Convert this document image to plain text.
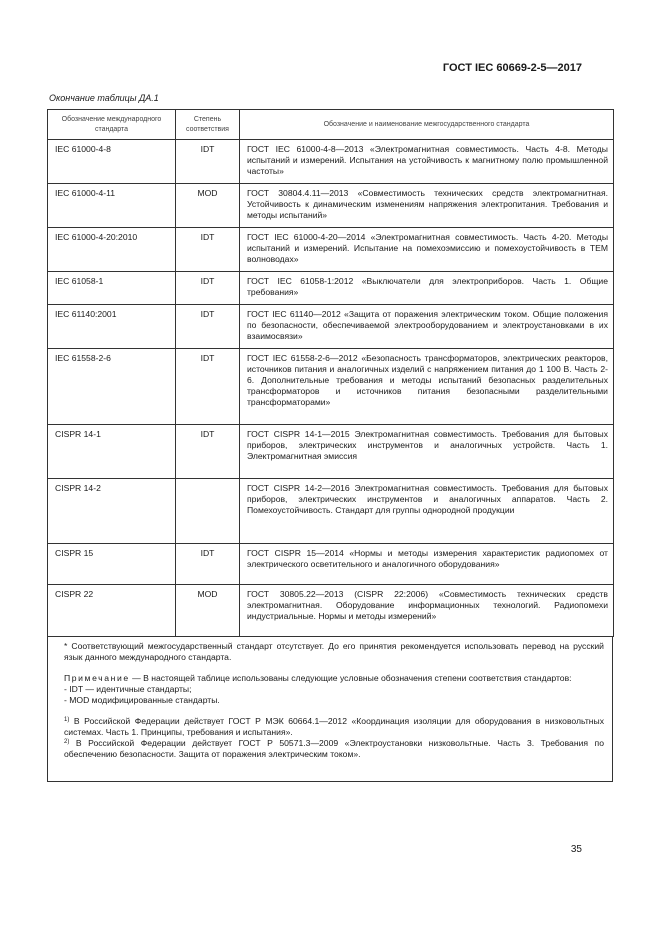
ГОСТ IEC 60669-2-5—2017
Окончание таблицы ДА.1
Обозначение международного стандарта	Степень соответствия	Обозначение и наименование межгосударственного стандарта
IEC 61000-4-8	IDT	ГОСТ IEC 61000-4-8—2013 «Электромагнитная совместимость. Часть 4-8. Методы испытаний и измерений. Испытания на устойчивость к магнитному полю промышленной частоты»
IEC 61000-4-11	MOD	ГОСТ 30804.4.11—2013 «Совместимость технических средств электромагнитная. Устойчивость к динамическим изменениям напряжения электропитания. Требования и методы испытаний»
IEC 61000-4-20:2010	IDT	ГОСТ IEC 61000-4-20—2014 «Электромагнитная совместимость. Часть 4-20. Методы испытаний и измерений. Испытание на помехоэмиссию и помехоустойчивость в ТЕМ волноводах»
IEC 61058-1	IDT	ГОСТ IEC 61058-1:2012 «Выключатели для электроприборов. Часть 1. Общие требования»
IEC 61140:2001	IDT	ГОСТ IEC 61140—2012 «Защита от поражения электрическим током. Общие положения по безопасности, обеспечиваемой электрооборудованием и электроустановками в их взаимосвязи»
IEC 61558-2-6	IDT	ГОСТ IEC 61558-2-6—2012 «Безопасность трансформаторов, электрических реакторов, источников питания и аналогичных изделий с напряжением питания до 1 100 В. Часть 2-6. Дополнительные требования и методы испытаний безопасных разделительных трансформаторов и источников питания безопасными разделительными трансформаторами»
CISPR 14-1	IDT	ГОСТ CISPR 14-1—2015 Электромагнитная совместимость. Требования для бытовых приборов, электрических инструментов и аналогичных устройств. Часть 1. Электромагнитная эмиссия
CISPR 14-2		ГОСТ CISPR 14-2—2016 Электромагнитная совместимость. Требования для бытовых приборов, электрических инструментов и аналогичных аппаратов. Часть 2. Помехоустойчивость. Стандарт для группы однородной продукции
CISPR 15	IDT	ГОСТ CISPR 15—2014 «Нормы и методы измерения характеристик радиопомех от электрического осветительного и аналогичного оборудования»
CISPR 22	MOD	ГОСТ 30805.22—2013 (CISPR 22:2006) «Совместимость технических средств электромагнитная. Оборудование информационных технологий. Радиопомехи индустриальные. Нормы и методы измерений»

* Соответствующий межгосударственный стандарт отсутствует. До его принятия рекомендуется использовать перевод на русский язык данного международного стандарта.

Примечание — В настоящей таблице использованы следующие условные обозначения степени соответствия стандартов:

- IDT — идентичные стандарты;

- MOD модифицированные стандарты.

$^{1)}$ В Российской Федерации действует ГОСТ Р МЭК 60664.1—2012 «Координация изоляции для оборудования в низковольтных системах. Часть 1. Принципы, требования и испытания».

$^{2)}$ В Российской Федерации действует ГОСТ Р 50571.3—2009 «Электроустановки низковольтные. Часть 3. Требования по обеспечению безопасности. Защита от поражения электрическим током».

35
